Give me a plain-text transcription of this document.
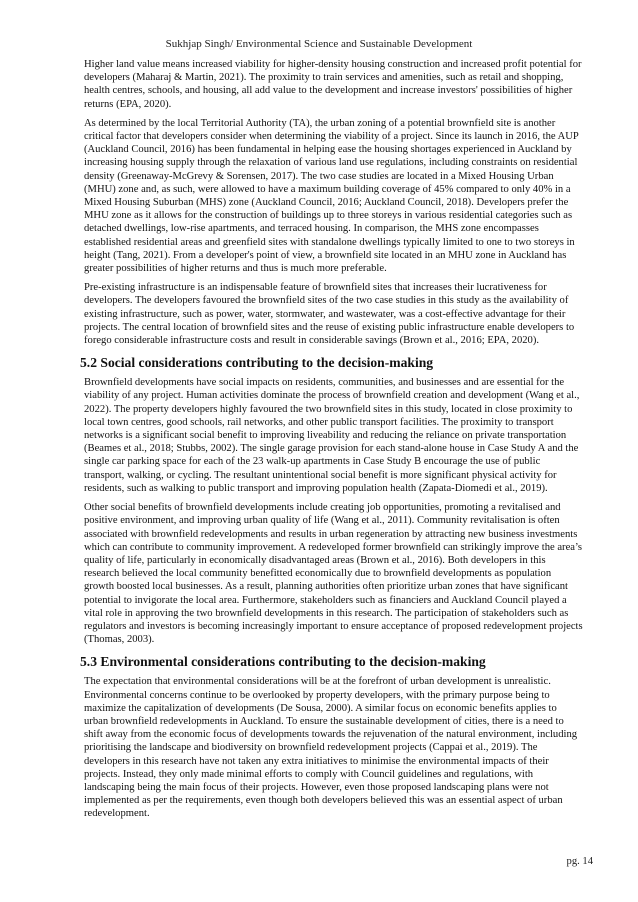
Sukhjap Singh/ Environmental Science and Sustainable Development

Higher land value means increased viability for higher-density housing construction and increased profit potential for developers (Maharaj & Martin, 2021). The proximity to train services and amenities, such as retail and shopping, health centres, schools, and housing, all add value to the development and increase investors' possibilities of higher returns (EPA, 2020).

As determined by the local Territorial Authority (TA), the urban zoning of a potential brownfield site is another critical factor that developers consider when determining the viability of a project. Since its launch in 2016, the AUP (Auckland Council, 2016) has been fundamental in helping ease the housing shortages experienced in Auckland by increasing housing supply through the relaxation of various land use regulations, including constraints on residential density (Greenaway-McGrevy & Sorensen, 2017). The two case studies are located in a Mixed Housing Urban (MHU) zone and, as such, were allowed to have a maximum building coverage of 45% compared to only 40% in a Mixed Housing Suburban (MHS) zone (Auckland Council, 2016; Auckland Council, 2018). Developers prefer the MHU zone as it allows for the construction of buildings up to three storeys in various residential categories such as detached dwellings, low-rise apartments, and terraced housing. In comparison, the MHS zone encompasses established residential areas and greenfield sites with standalone dwellings typically limited to one to two storeys in height (Tang, 2021). From a developer's point of view, a brownfield site located in an MHU zone in Auckland has greater possibilities of higher returns and thus is much more preferable.

Pre-existing infrastructure is an indispensable feature of brownfield sites that increases their lucrativeness for developers. The developers favoured the brownfield sites of the two case studies in this study as the availability of existing infrastructure, such as power, water, stormwater, and wastewater, was a cost-effective advantage for their projects. The central location of brownfield sites and the reuse of existing public infrastructure enable developers to forego considerable infrastructure costs and result in considerable savings (Brown et al., 2016; EPA, 2020).

5.2 Social considerations contributing to the decision-making

Brownfield developments have social impacts on residents, communities, and businesses and are essential for the viability of any project. Human activities dominate the process of brownfield creation and development (Wang et al., 2022). The property developers highly favoured the two brownfield sites in this study, located in close proximity to local town centres, good schools, rail networks, and other public transport facilities. The proximity to transport networks is a significant social benefit to improving liveability and reducing the reliance on private transportation (Beames et al., 2018; Stubbs, 2002). The single garage provision for each stand-alone house in Case Study A and the single car parking space for each of the 23 walk-up apartments in Case Study B encourage the use of public transport, walking, or cycling. The resultant unintentional social benefit is more significant physical activity for residents, such as walking to public transport and improving population health (Zapata-Diomedi et al., 2019).

Other social benefits of brownfield developments include creating job opportunities, promoting a revitalised and positive environment, and improving urban quality of life (Wang et al., 2011). Community revitalisation is often associated with brownfield redevelopments and results in urban regeneration by attracting new business investments which can contribute to community improvement. A redeveloped former brownfield can strikingly improve the area’s quality of life, particularly in economically disadvantaged areas (Brown et al., 2016). Both developers in this research believed the local community benefitted economically due to brownfield developments as population growth boosted local businesses. As a result, planning authorities often prioritize urban zones that have significant potential to invigorate the local area. Furthermore, stakeholders such as financiers and Auckland Council played a vital role in approving the two brownfield developments in this research. The participation of stakeholders such as regulators and investors is becoming increasingly important to ensure acceptance of proposed redevelopment projects (Thomas, 2003).

5.3 Environmental considerations contributing to the decision-making

The expectation that environmental considerations will be at the forefront of urban development is unrealistic. Environmental concerns continue to be overlooked by property developers, with the primary purpose being to maximize the capitalization of developments (De Sousa, 2000). A similar focus on economic benefits applies to urban brownfield redevelopments in Auckland. To ensure the sustainable development of cities, there is a need to shift away from the economic focus of developments towards the rejuvenation of the natural environment, including prioritising the landscape and biodiversity on brownfield redevelopment projects (Cappai et al., 2019). The developers in this research have not taken any extra initiatives to minimise the environmental impacts of their projects. Instead, they only made minimal efforts to comply with Council guidelines and regulations, with landscaping being the main focus of their projects. However, even those proposed landscaping plans were not implemented as per the requirements, even though both developers believed this was an essential aspect of urban redevelopment.

pg. 14
